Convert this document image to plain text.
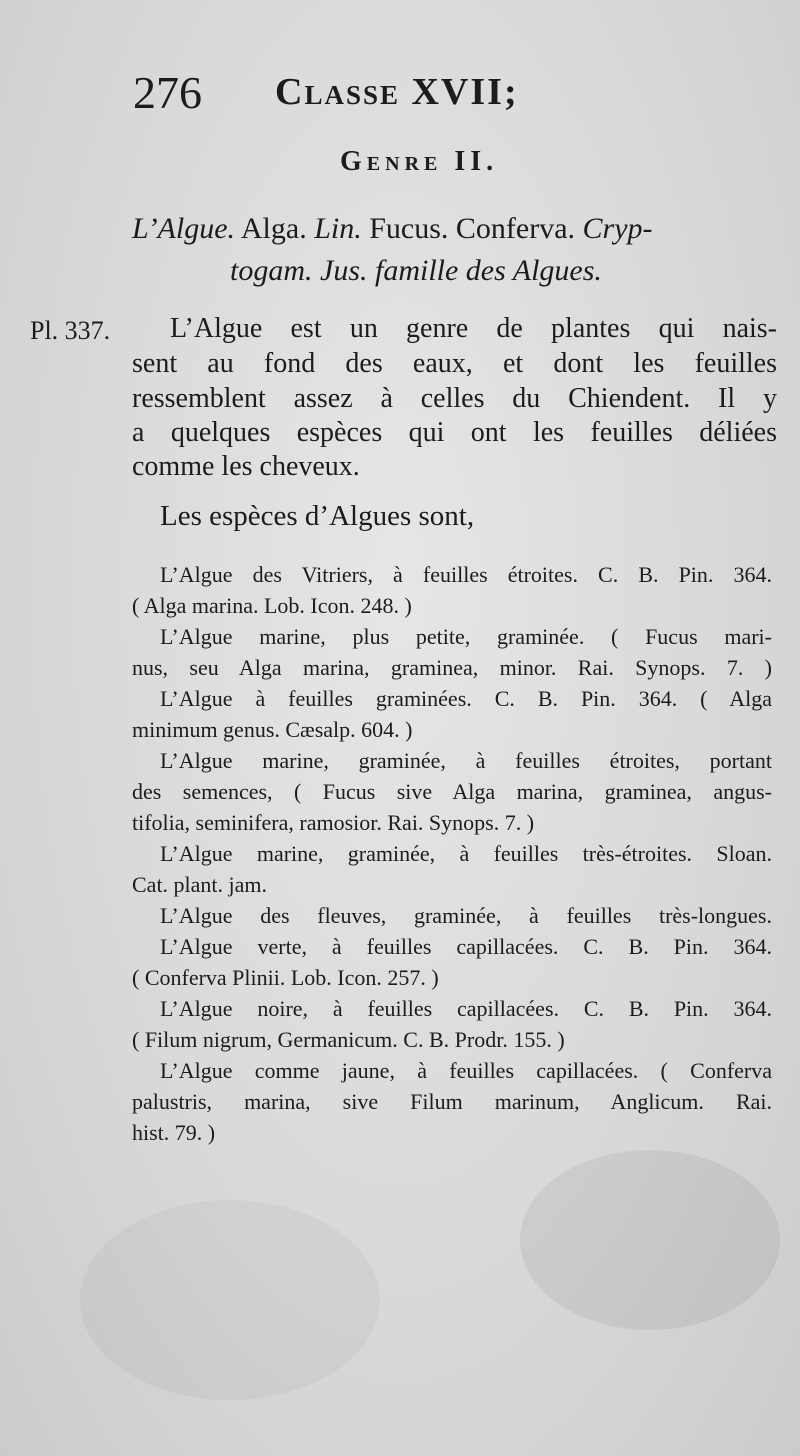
276 Classe XVII;
Genre II.
L’Algue. Alga. Lin. Fucus. Conferva. Cryp-
togam. Jus. famille des Algues.
Pl. 337. L’Algue est un genre de plantes qui nais-
sent au fond des eaux, et dont les feuilles
ressemblent assez à celles du Chiendent. Il y
a quelques espèces qui ont les feuilles déliées
comme les cheveux.
Les espèces d’Algues sont,
L’Algue des Vitriers, à feuilles étroites. C. B. Pin. 364.
( Alga marina. Lob. Icon. 248. )
L’Algue marine, plus petite, graminée. ( Fucus mari-
nus, seu Alga marina, graminea, minor. Rai. Synops. 7. )
L’Algue à feuilles graminées. C. B. Pin. 364. ( Alga
minimum genus. Cæsalp. 604. )
L’Algue marine, graminée, à feuilles étroites, portant
des semences, ( Fucus sive Alga marina, graminea, angus-
tifolia, seminifera, ramosior. Rai. Synops. 7. )
L’Algue marine, graminée, à feuilles très-étroites. Sloan.
Cat. plant. jam.
L’Algue des fleuves, graminée, à feuilles très-longues.
L’Algue verte, à feuilles capillacées. C. B. Pin. 364.
( Conferva Plinii. Lob. Icon. 257. )
L’Algue noire, à feuilles capillacées. C. B. Pin. 364.
( Filum nigrum, Germanicum. C. B. Prodr. 155. )
L’Algue comme jaune, à feuilles capillacées. ( Conferva
palustris, marina, sive Filum marinum, Anglicum. Rai.
hist. 79. )
